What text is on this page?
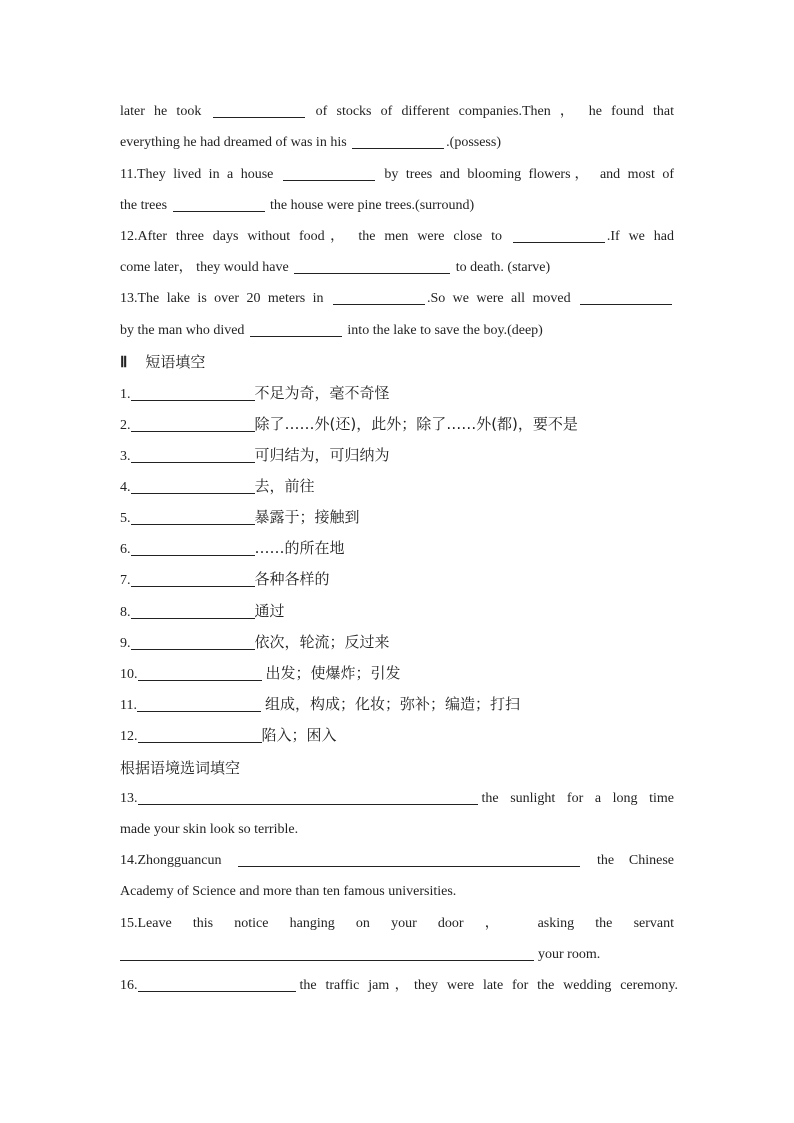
later he took	of stocks of different companies.Then ， he found that
everything he had dreamed of was in his	.(possess)
11.They lived in a house	by trees and blooming flowers， and most of
the trees	the house were pine trees.(surround)
12.After three days without food， the men were close to	.If we had
come later， they would have	to death. (starve)
13.The lake is over 20 meters in	.So we were all moved
by the man who dived	into the lake to save the boy.(deep)
Ⅱ 短语填空
1.	不足为奇，毫不奇怪
2.	除了……外(还)，此外；除了……外(都)，要不是
3.	可归结为，可归纳为
4.	去，前往
5.	暴露于；接触到
6.	……的所在地
7.	各种各样的
8.	通过
9.	依次，轮流；反过来
10.	出发；使爆炸；引发
11.	组成，构成；化妆；弥补；编造；打扫
12.	陷入；困入
根据语境选词填空
13.	the sunlight for a long time
made your skin look so terrible.
14.Zhongguancun	the Chinese
Academy of Science and more than ten famous universities.
15.Leave this notice hanging on your door ， asking the servant
your room.
16.	the traffic jam，they were late for the wedding ceremony.
